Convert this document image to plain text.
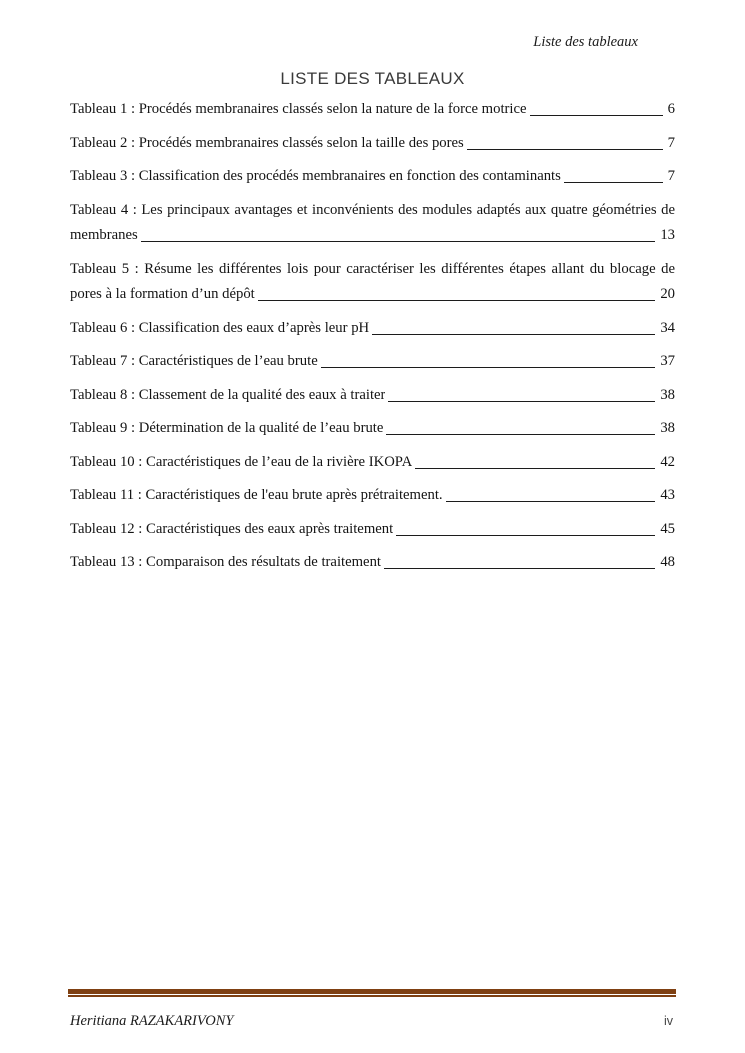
Liste des tableaux
LISTE DES TABLEAUX
Tableau 1 : Procédés membranaires classés selon la nature de la force motrice	6
Tableau 2 : Procédés membranaires classés selon la taille des pores	7
Tableau 3 : Classification des procédés membranaires en fonction des contaminants	7
Tableau 4 : Les principaux avantages et inconvénients des modules adaptés aux quatre géométries de
membranes	13
Tableau 5 : Résume les différentes lois pour caractériser les différentes étapes allant du blocage de
pores à la formation d’un dépôt	20
Tableau 6 : Classification des eaux d’après leur pH	34
Tableau 7 : Caractéristiques de l’eau brute	37
Tableau 8 : Classement de la qualité des eaux à traiter	38
Tableau 9 : Détermination de la qualité de l’eau brute	38
Tableau 10 : Caractéristiques de l’eau de la rivière IKOPA	42
Tableau 11 : Caractéristiques de l'eau brute après prétraitement.	43
Tableau 12 : Caractéristiques des eaux après traitement	45
Tableau 13 : Comparaison des résultats de traitement	48
Heritiana RAZAKARIVONY	iv
